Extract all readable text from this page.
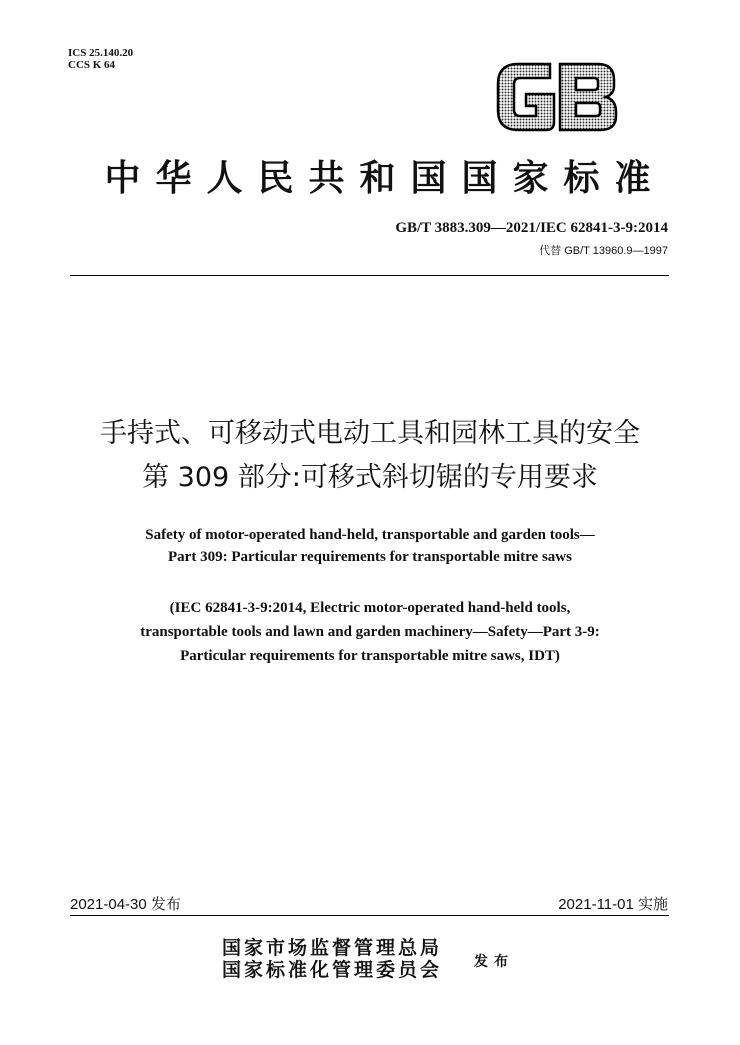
ICS 25.140.20
CCS K 64
中华人民共和国国家标准
GB/T 3883.309—2021/IEC 62841-3-9:2014
代替 GB/T 13960.9—1997
手持式、可移动式电动工具和园林工具的安全
第 309 部分:可移式斜切锯的专用要求
Safety of motor-operated hand-held, transportable and garden tools—
Part 309: Particular requirements for transportable mitre saws
(IEC 62841-3-9:2014, Electric motor-operated hand-held tools,
transportable tools and lawn and garden machinery—Safety—Part 3-9:
Particular requirements for transportable mitre saws, IDT)
2021-04-30 发布	2021-11-01 实施
国家市场监督管理总局
国家标准化管理委员会 发布
